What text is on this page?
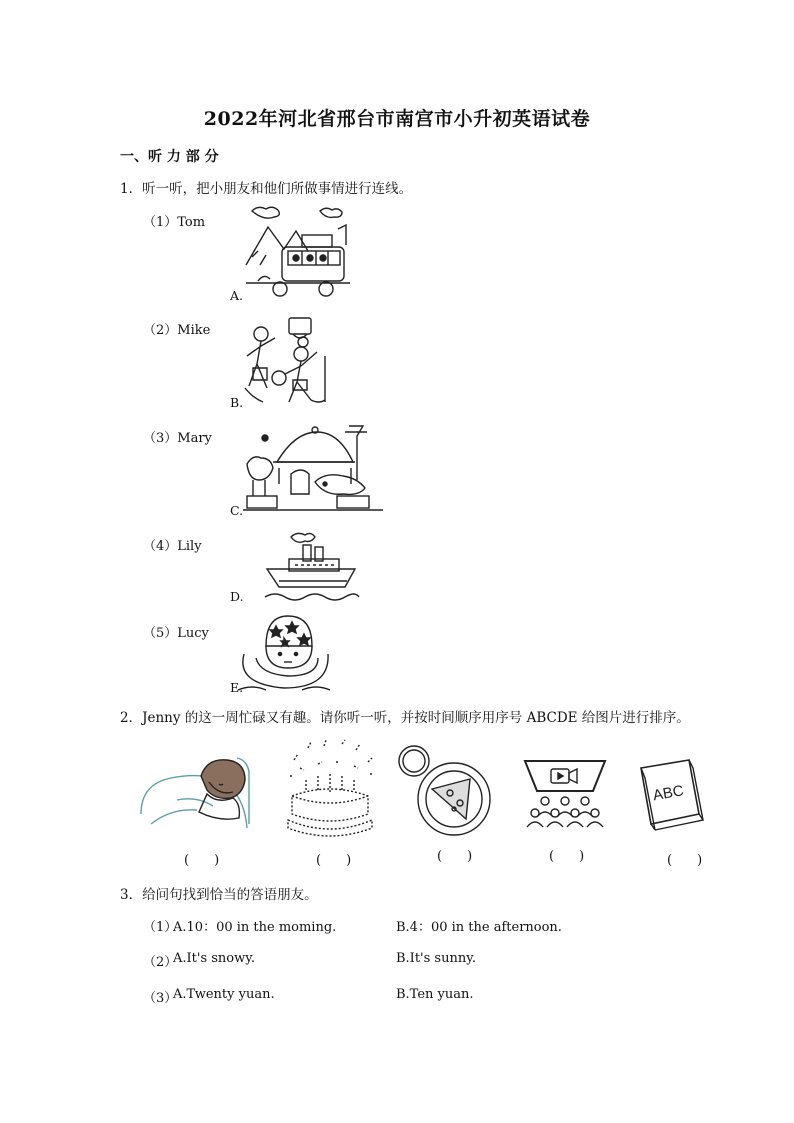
2022年河北省邢台市南宫市小升初英语试卷
一、听 力 部 分
1．听一听，把小朋友和他们所做事情进行连线。
（1）Tom
（2）Mike
（3）Mary
（4）Lily
（5）Lucy
A.
B.
C.
D.
E.
2．Jenny 的这一周忙碌又有趣。请你听一听，并按时间顺序用序号 ABCDE 给图片进行排序。
ABC
(　)	(　)	(　)	(　)	(　)
3．给问句找到恰当的答语朋友。
（1）
A.10：00 in the moming.	B.4：00 in the afternoon.
（2）
A.It's snowy.	B.It's sunny.
（3）
A.Twenty yuan.	B.Ten yuan.
